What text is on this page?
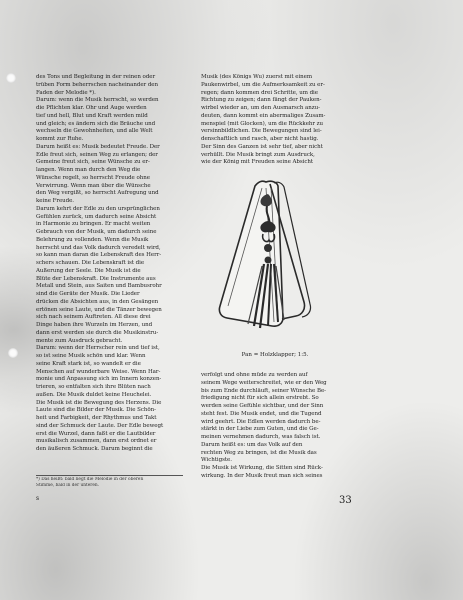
des Tons und Begleitung in der reinen oder
trüben Form beherrschen nacheinander den
Faden der Melodie *).
Darum: wenn die Musik herrscht, so werden
die Pflichten klar. Ohr und Auge werden
tief und hell, Blut und Kraft werden mild
und gleich; es ändern sich die Bräuche und
wechseln die Gewohnheiten, und alle Welt
kommt zur Ruhe.
Darum heißt es: Musik bedeutet Freude. Der
Edle freut sich, seinen Weg zu erlangen; der
Gemeine freut sich, seine Wünsche zu er-
langen. Wenn man durch den Weg die
Wünsche regelt, so herrscht Freude ohne
Verwirrung. Wenn man über die Wünsche
den Weg vergißt, so herrscht Aufregung und
keine Freude.
Darum kehrt der Edle zu den ursprünglichen
Gefühlen zurück, um dadurch seine Absicht
in Harmonie zu bringen. Er macht weiten
Gebrauch von der Musik, um dadurch seine
Belehrung zu vollenden. Wenn die Musik
herrscht und das Volk dadurch veredelt wird,
so kann man daran die Lebenskraft des Herr-
schers schauen. Die Lebenskraft ist die
Äußerung der Seele. Die Musik ist die
Blüte der Lebenskraft. Die Instrumente aus
Metall und Stein, aus Saiten und Bambusrohr
sind die Geräte der Musik. Die Lieder
drücken die Absichten aus, in den Gesängen
ertönen seine Laute, und die Tänzer bewegen
sich nach seinem Auftreten. All diese drei
Dinge haben ihre Wurzeln im Herzen, und
dann erst werden sie durch die Musikinstru-
mente zum Ausdruck gebracht.
Darum: wenn der Herrscher rein und tief ist,
so ist seine Musik schön und klar. Wenn
seine Kraft stark ist, so wandelt er die
Menschen auf wunderbare Weise. Wenn Har-
monie und Anpassung sich im Innern konzen-
trieren, so entfalten sich ihre Blüten nach
außen. Die Musik duldet keine Heuchelei.
Die Musik ist die Bewegung des Herzens. Die
Laute sind die Bilder der Musik. Die Schön-
heit und Farbigkeit, der Rhythmus und Takt
sind der Schmuck der Laute. Der Edle bewegt
erst die Wurzel, dann faßt er die Lautbilder
musikalisch zusammen, dann erst ordnet er
den äußeren Schmuck. Darum beginnt die
*) Das heißt: bald liegt die Melodie in der oberen
Stimme, bald in der unteren.
s
Musik (des Königs Wu) zuerst mit einem
Paukenwirbel, um die Aufmerksamkeit zu er-
regen; dann kommen drei Schritte, um die
Richtung zu zeigen; dann fängt der Pauken-
wirbel wieder an, um den Ausmarsch anzu-
deuten, dann kommt ein abermaliges Zusam-
menspiel (mit Glocken), um die Rückkehr zu
versinnbildlichen. Die Bewegungen sind lei-
denschaftlich und rasch, aber nicht hastig.
Der Sinn des Ganzen ist sehr tief, aber nicht
verhüllt. Die Musik bringt zum Ausdruck,
wie der König mit Freuden seine Absicht
Pan = Holzklapper; 1:5.
verfolgt und ohne müde zu werden auf
seinem Wege weiterschreitet, wie er den Weg
bis zum Ende durchläuft, seiner Wünsche Be-
friedigung nicht für sich allein erstrebt. So
werden seine Gefühle sichtbar, und der Sinn
steht fest. Die Musik endet, und die Tugend
wird geehrt. Die Edlen werden dadurch be-
stärkt in der Liebe zum Guten, und die Ge-
meinen vernehmen dadurch, was falsch ist.
Darum heißt es: um das Volk auf den
rechten Weg zu bringen, ist die Musik das
Wichtigste.
Die Musik ist Wirkung, die Sitten sind Rück-
wirkung. In der Musik freut man sich seines
33
